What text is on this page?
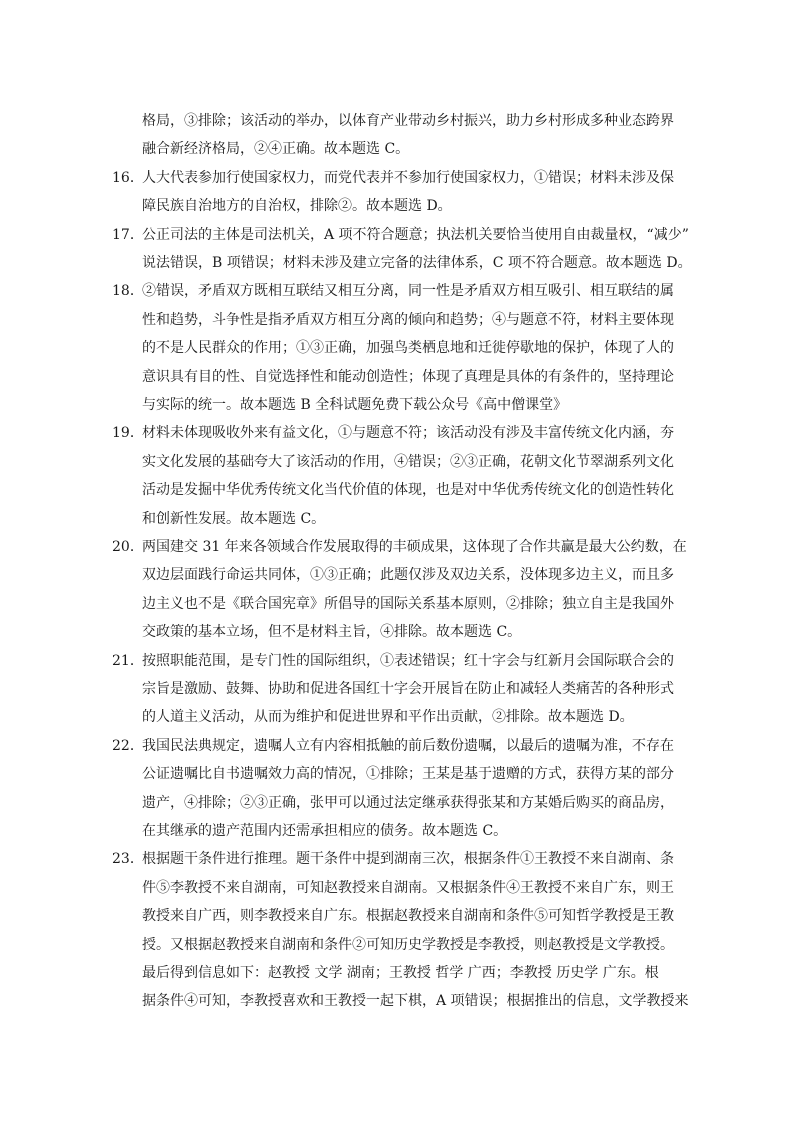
格局，③排除；该活动的举办，以体育产业带动乡村振兴，助力乡村形成多种业态跨界
融合新经济格局，②④正确。故本题选 C。
16．人大代表参加行使国家权力，而党代表并不参加行使国家权力，①错误；材料未涉及保
障民族自治地方的自治权，排除②。故本题选 D。
17．公正司法的主体是司法机关，A 项不符合题意；执法机关要恰当使用自由裁量权，“减少”
说法错误，B 项错误；材料未涉及建立完备的法律体系，C 项不符合题意。故本题选 D。
18．②错误，矛盾双方既相互联结又相互分离，同一性是矛盾双方相互吸引、相互联结的属
性和趋势，斗争性是指矛盾双方相互分离的倾向和趋势；④与题意不符，材料主要体现
的不是人民群众的作用；①③正确，加强鸟类栖息地和迁徙停歇地的保护，体现了人的
意识具有目的性、自觉选择性和能动创造性；体现了真理是具体的有条件的，坚持理论
与实际的统一。故本题选 B 全科试题免费下载公众号《高中僧课堂》
19．材料未体现吸收外来有益文化，①与题意不符；该活动没有涉及丰富传统文化内涵，夯
实文化发展的基础夸大了该活动的作用，④错误；②③正确，花朝文化节翠湖系列文化
活动是发掘中华优秀传统文化当代价值的体现，也是对中华优秀传统文化的创造性转化
和创新性发展。故本题选 C。
20．两国建交 31 年来各领域合作发展取得的丰硕成果，这体现了合作共赢是最大公约数，在
双边层面践行命运共同体，①③正确；此题仅涉及双边关系，没体现多边主义，而且多
边主义也不是《联合国宪章》所倡导的国际关系基本原则，②排除；独立自主是我国外
交政策的基本立场，但不是材料主旨，④排除。故本题选 C。
21．按照职能范围，是专门性的国际组织，①表述错误；红十字会与红新月会国际联合会的
宗旨是激励、鼓舞、协助和促进各国红十字会开展旨在防止和减轻人类痛苦的各种形式
的人道主义活动，从而为维护和促进世界和平作出贡献，②排除。故本题选 D。
22．我国民法典规定，遗嘱人立有内容相抵触的前后数份遗嘱，以最后的遗嘱为准，不存在
公证遗嘱比自书遗嘱效力高的情况，①排除；王某是基于遗赠的方式，获得方某的部分
遗产，④排除；②③正确，张甲可以通过法定继承获得张某和方某婚后购买的商品房，
在其继承的遗产范围内还需承担相应的债务。故本题选 C。
23．根据题干条件进行推理。题干条件中提到湖南三次，根据条件①王教授不来自湖南、条
件⑤李教授不来自湖南，可知赵教授来自湖南。又根据条件④王教授不来自广东，则王
教授来自广西，则李教授来自广东。根据赵教授来自湖南和条件⑤可知哲学教授是王教
授。又根据赵教授来自湖南和条件②可知历史学教授是李教授，则赵教授是文学教授。
最后得到信息如下：赵教授 文学 湖南；王教授 哲学 广西；李教授 历史学 广东。根
据条件④可知，李教授喜欢和王教授一起下棋，A 项错误；根据推出的信息，文学教授来
